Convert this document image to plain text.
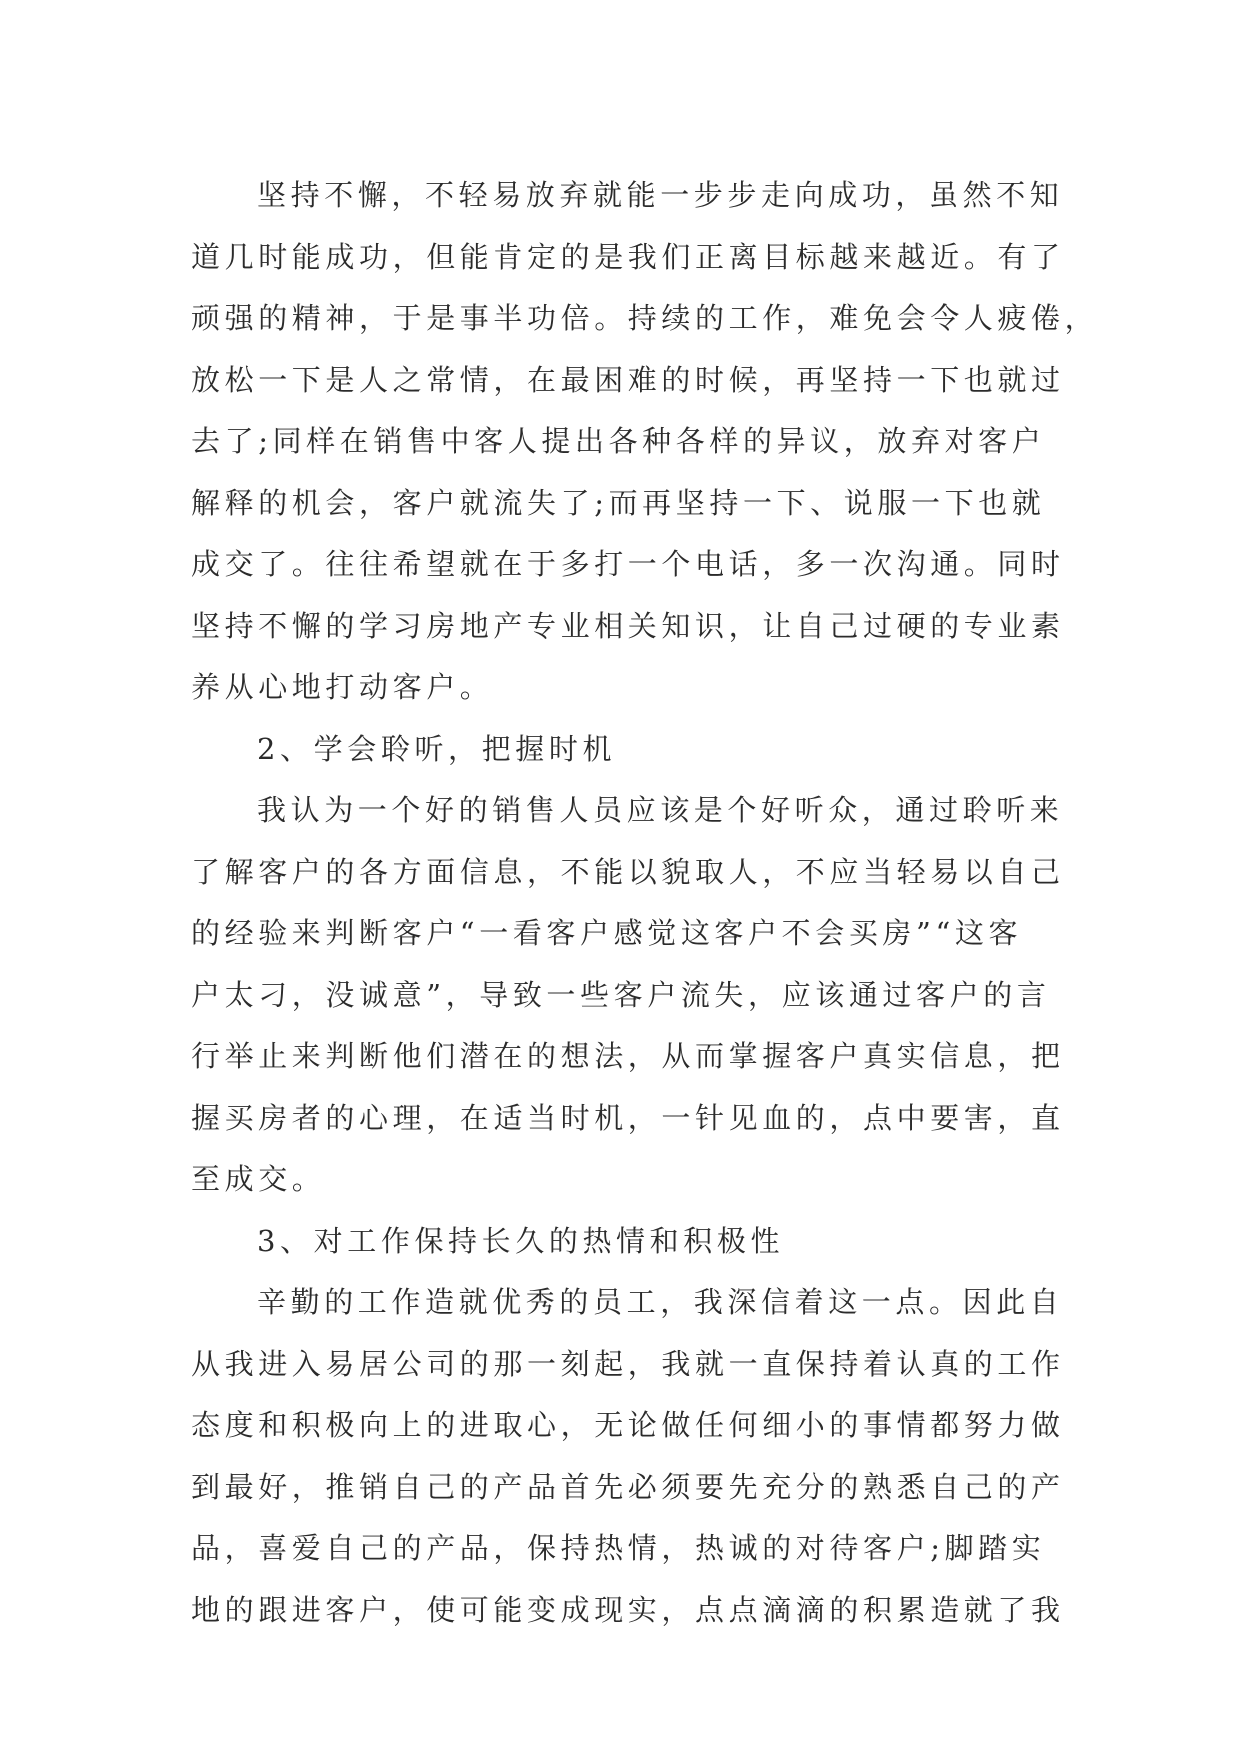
坚持不懈，不轻易放弃就能一步步走向成功，虽然不知
道几时能成功，但能肯定的是我们正离目标越来越近。有了
顽强的精神，于是事半功倍。持续的工作，难免会令人疲倦，
放松一下是人之常情，在最困难的时候，再坚持一下也就过
去了;同样在销售中客人提出各种各样的异议，放弃对客户
解释的机会，客户就流失了;而再坚持一下、说服一下也就
成交了。往往希望就在于多打一个电话，多一次沟通。同时
坚持不懈的学习房地产专业相关知识，让自己过硬的专业素
养从心地打动客户。
2、学会聆听，把握时机
我认为一个好的销售人员应该是个好听众，通过聆听来
了解客户的各方面信息，不能以貌取人，不应当轻易以自己
的经验来判断客户“一看客户感觉这客户不会买房”“这客
户太刁，没诚意”，导致一些客户流失，应该通过客户的言
行举止来判断他们潜在的想法，从而掌握客户真实信息，把
握买房者的心理，在适当时机，一针见血的，点中要害，直
至成交。
3、对工作保持长久的热情和积极性
辛勤的工作造就优秀的员工，我深信着这一点。因此自
从我进入易居公司的那一刻起，我就一直保持着认真的工作
态度和积极向上的进取心，无论做任何细小的事情都努力做
到最好，推销自己的产品首先必须要先充分的熟悉自己的产
品，喜爱自己的产品，保持热情，热诚的对待客户;脚踏实
地的跟进客户，使可能变成现实，点点滴滴的积累造就了我
